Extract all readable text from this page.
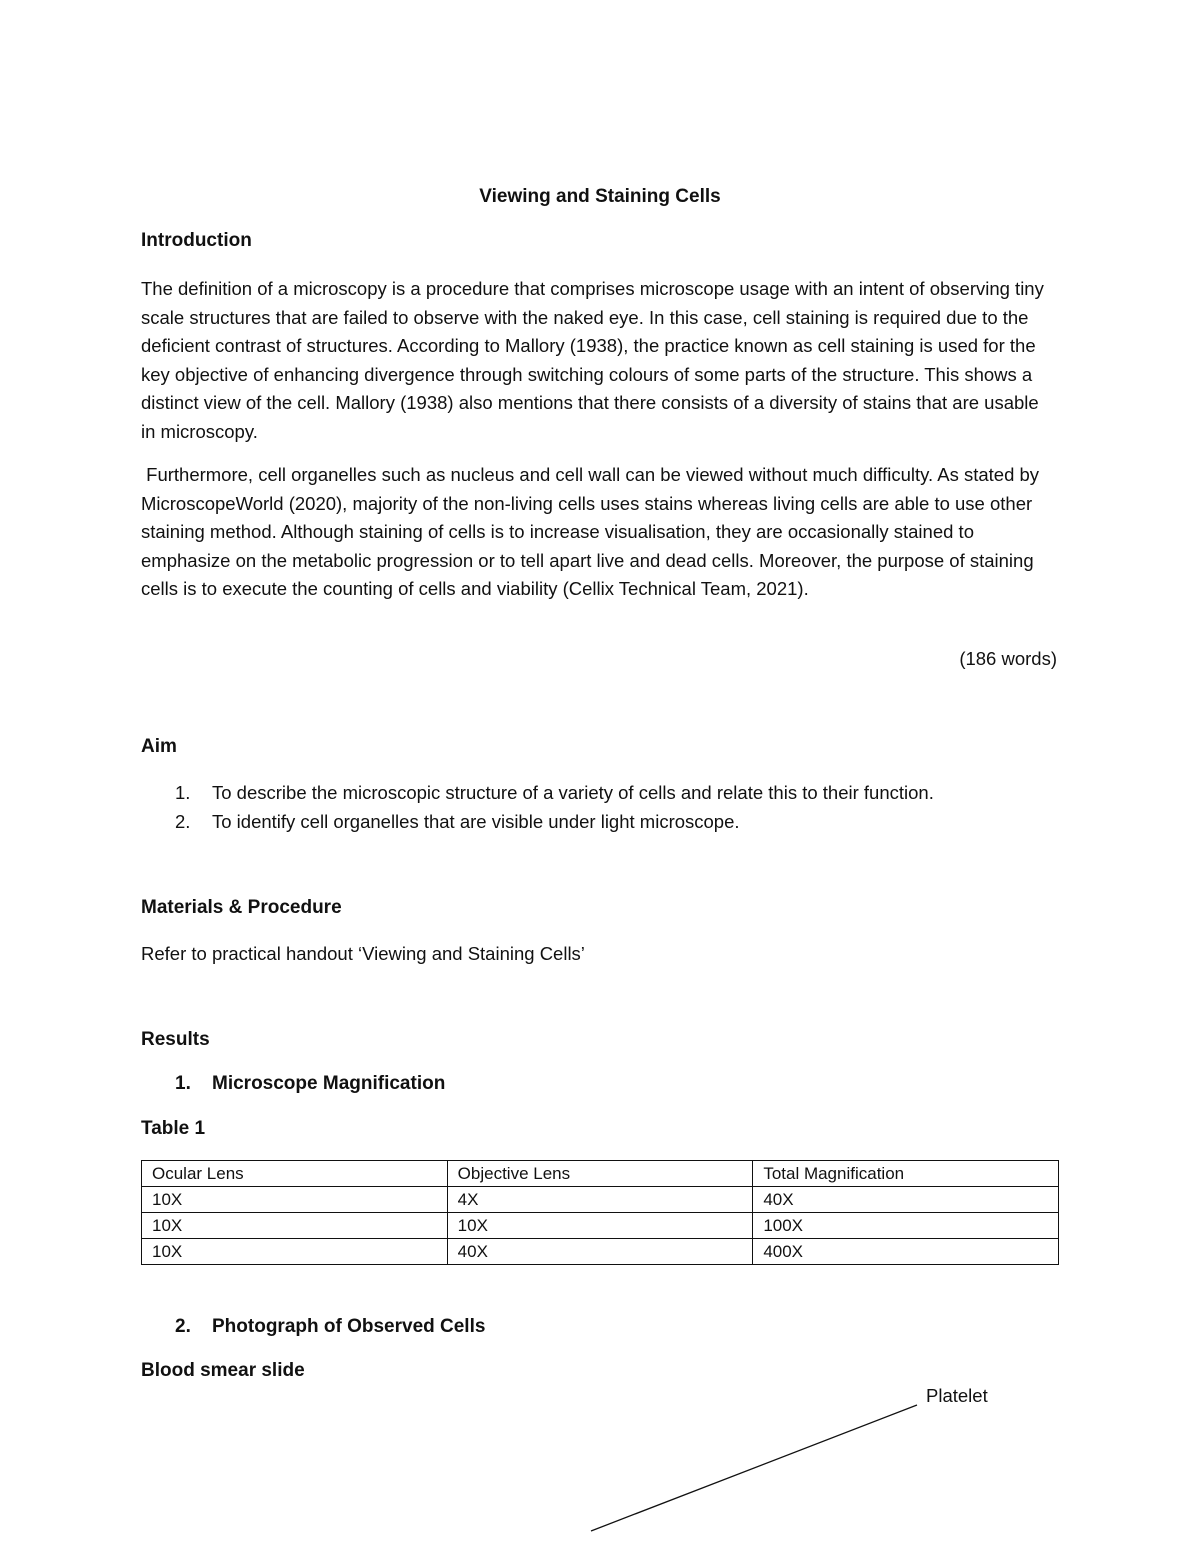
Viewing and Staining Cells
Introduction

The definition of a microscopy is a procedure that comprises microscope usage with an intent of observing tiny scale structures that are failed to observe with the naked eye. In this case, cell staining is required due to the deficient contrast of structures. According to Mallory (1938), the practice known as cell staining is used for the key objective of enhancing divergence through switching colours of some parts of the structure. This shows a distinct view of the cell. Mallory (1938) also mentions that there consists of a diversity of stains that are usable in microscopy.

Furthermore, cell organelles such as nucleus and cell wall can be viewed without much difficulty. As stated by MicroscopeWorld (2020), majority of the non-living cells uses stains whereas living cells are able to use other staining method. Although staining of cells is to increase visualisation, they are occasionally stained to emphasize on the metabolic progression or to tell apart live and dead cells. Moreover, the purpose of staining cells is to execute the counting of cells and viability (Cellix Technical Team, 2021).

(186 words)
Aim
1.	To describe the microscopic structure of a variety of cells and relate this to their function.
2.	To identify cell organelles that are visible under light microscope.
Materials & Procedure

Refer to practical handout ‘Viewing and Staining Cells’

Results
1. Microscope Magnification
Table 1
Ocular Lens	Objective Lens	Total Magnification
10X	4X	40X
10X	10X	100X
10X	40X	400X
2. Photograph of Observed Cells
Blood smear slide
Platelet
